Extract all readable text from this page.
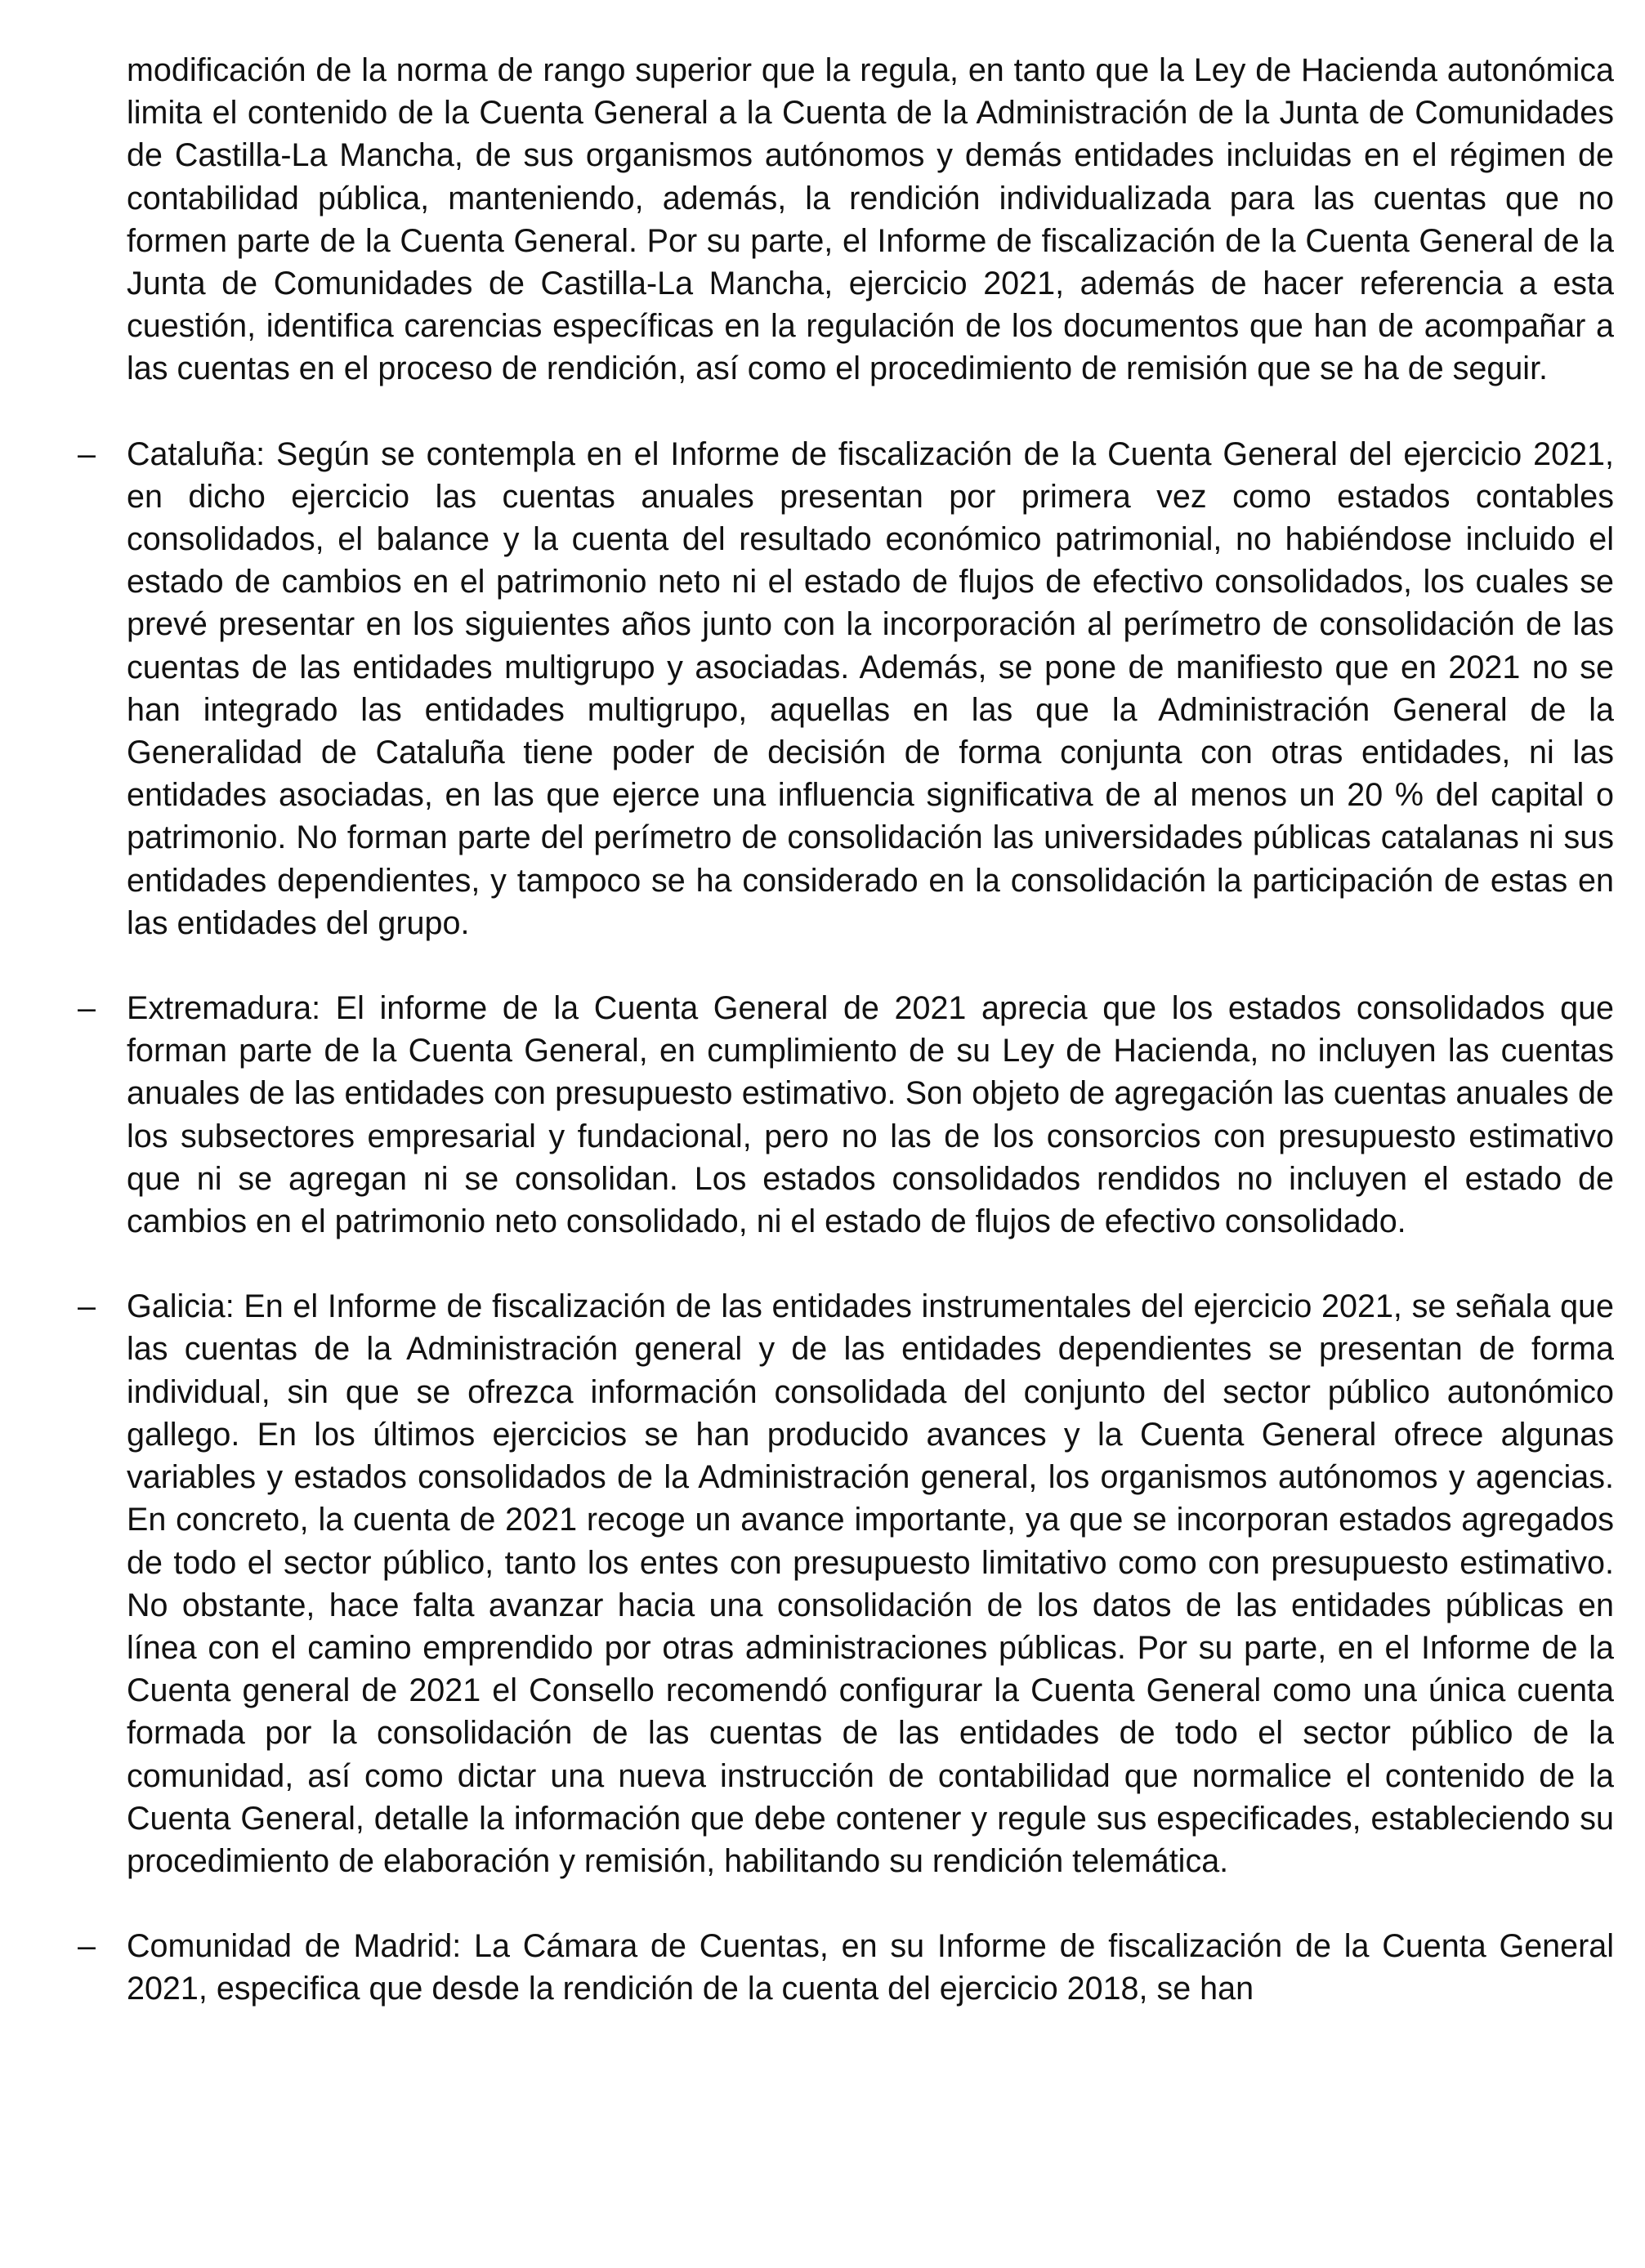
modificación de la norma de rango superior que la regula, en tanto que la Ley de Hacienda autonómica limita el contenido de la Cuenta General a la Cuenta de la Administración de la Junta de Comunidades de Castilla-La Mancha, de sus organismos autónomos y demás entidades incluidas en el régimen de contabilidad pública, manteniendo, además, la rendición individualizada para las cuentas que no formen parte de la Cuenta General. Por su parte, el Informe de fiscalización de la Cuenta General de la Junta de Comunidades de Castilla-La Mancha, ejercicio 2021, además de hacer referencia a esta cuestión, identifica carencias específicas en la regulación de los documentos que han de acompañar a las cuentas en el proceso de rendición, así como el procedimiento de remisión que se ha de seguir.

– Cataluña: Según se contempla en el Informe de fiscalización de la Cuenta General del ejercicio 2021, en dicho ejercicio las cuentas anuales presentan por primera vez como estados contables consolidados, el balance y la cuenta del resultado económico patrimonial, no habiéndose incluido el estado de cambios en el patrimonio neto ni el estado de flujos de efectivo consolidados, los cuales se prevé presentar en los siguientes años junto con la incorporación al perímetro de consolidación de las cuentas de las entidades multigrupo y asociadas. Además, se pone de manifiesto que en 2021 no se han integrado las entidades multigrupo, aquellas en las que la Administración General de la Generalidad de Cataluña tiene poder de decisión de forma conjunta con otras entidades, ni las entidades asociadas, en las que ejerce una influencia significativa de al menos un 20 % del capital o patrimonio. No forman parte del perímetro de consolidación las universidades públicas catalanas ni sus entidades dependientes, y tampoco se ha considerado en la consolidación la participación de estas en las entidades del grupo.

– Extremadura: El informe de la Cuenta General de 2021 aprecia que los estados consolidados que forman parte de la Cuenta General, en cumplimiento de su Ley de Hacienda, no incluyen las cuentas anuales de las entidades con presupuesto estimativo. Son objeto de agregación las cuentas anuales de los subsectores empresarial y fundacional, pero no las de los consorcios con presupuesto estimativo que ni se agregan ni se consolidan. Los estados consolidados rendidos no incluyen el estado de cambios en el patrimonio neto consolidado, ni el estado de flujos de efectivo consolidado.

– Galicia: En el Informe de fiscalización de las entidades instrumentales del ejercicio 2021, se señala que las cuentas de la Administración general y de las entidades dependientes se presentan de forma individual, sin que se ofrezca información consolidada del conjunto del sector público autonómico gallego. En los últimos ejercicios se han producido avances y la Cuenta General ofrece algunas variables y estados consolidados de la Administración general, los organismos autónomos y agencias. En concreto, la cuenta de 2021 recoge un avance importante, ya que se incorporan estados agregados de todo el sector público, tanto los entes con presupuesto limitativo como con presupuesto estimativo. No obstante, hace falta avanzar hacia una consolidación de los datos de las entidades públicas en línea con el camino emprendido por otras administraciones públicas. Por su parte, en el Informe de la Cuenta general de 2021 el Consello recomendó configurar la Cuenta General como una única cuenta formada por la consolidación de las cuentas de las entidades de todo el sector público de la comunidad, así como dictar una nueva instrucción de contabilidad que normalice el contenido de la Cuenta General, detalle la información que debe contener y regule sus especificades, estableciendo su procedimiento de elaboración y remisión, habilitando su rendición telemática.

– Comunidad de Madrid: La Cámara de Cuentas, en su Informe de fiscalización de la Cuenta General 2021, especifica que desde la rendición de la cuenta del ejercicio 2018, se han
